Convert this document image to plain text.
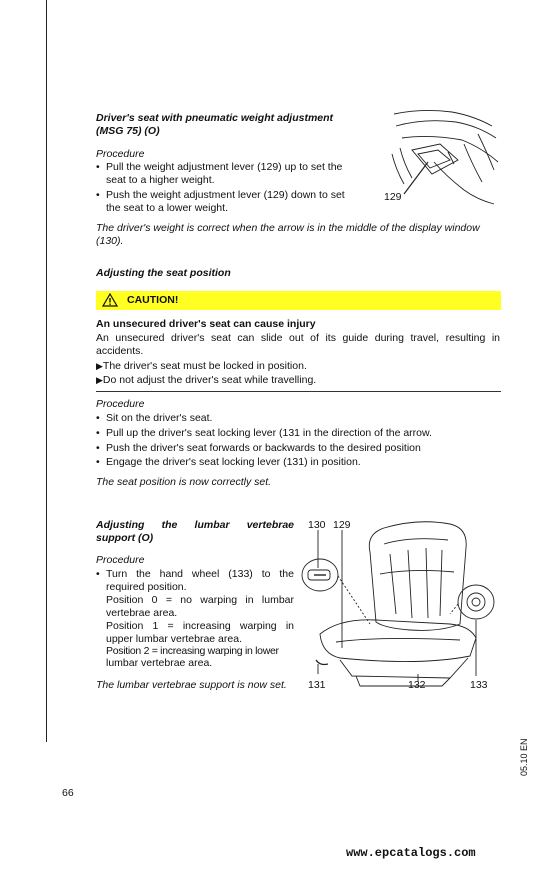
Driver's seat with pneumatic weight adjustment
(MSG 75) (O)
Procedure
• Pull the weight adjustment lever (129) up to set the
seat to a higher weight.
• Push the weight adjustment lever (129) down to set
the seat to a lower weight.
The driver's weight is correct when the arrow is in the middle of the display window
(130).
129
Adjusting the seat position
CAUTION!
An unsecured driver's seat can cause injury
An unsecured driver's seat can slide out of its guide during travel, resulting in
accidents.
▶The driver's seat must be locked in position.
▶Do not adjust the driver's seat while travelling.
Procedure
• Sit on the driver's seat.
• Pull up the driver's seat locking lever (131 in the direction of the arrow.
• Push the driver's seat forwards or backwards to the desired position
• Engage the driver's seat locking lever (131) in position.
The seat position is now correctly set.
Adjusting the lumbar vertebrae
support (O)
Procedure
• Turn the hand wheel (133) to the
required position.
Position 0 = no warping in lumbar
vertebrae area.
Position 1 = increasing warping in
upper lumbar vertebrae area.
Position 2 = increasing warping in lower
lumbar vertebrae area.
The lumbar vertebrae support is now set.
130 129
131	132	133
05.10 EN
66
www.epcatalogs.com
